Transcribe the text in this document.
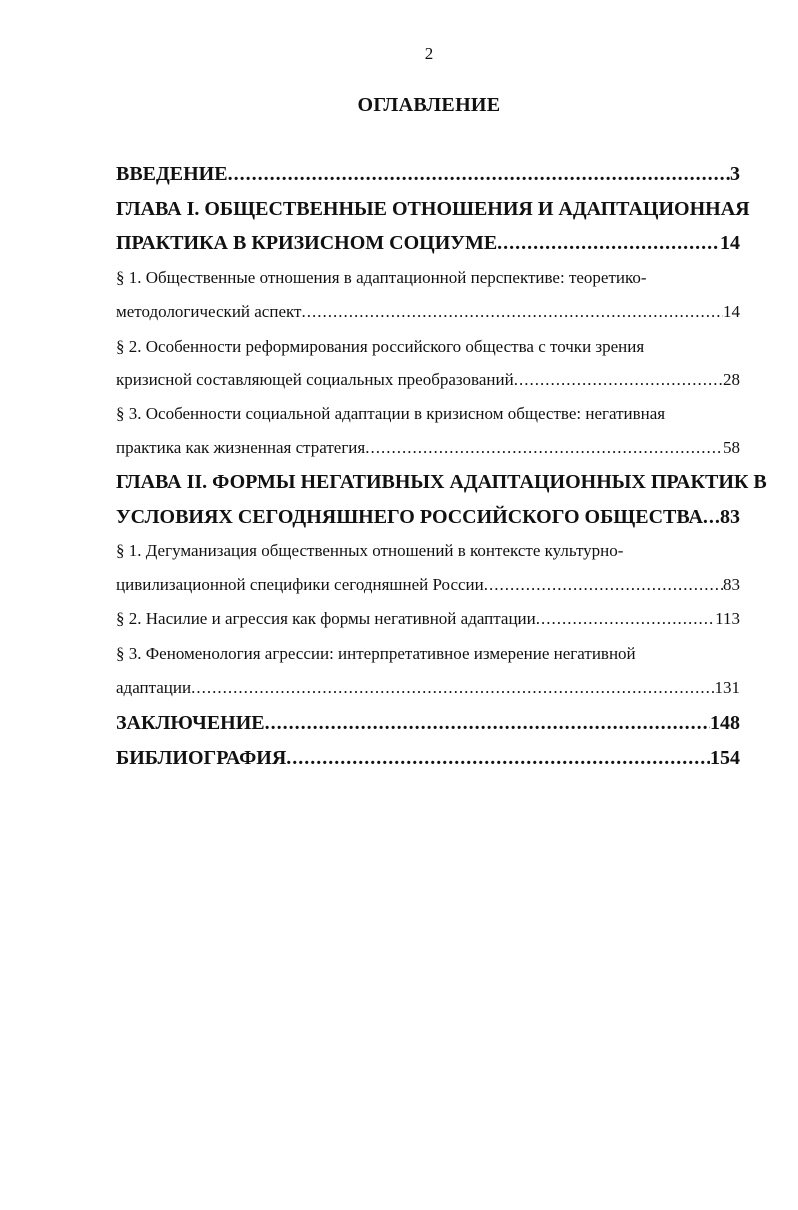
2
ОГЛАВЛЕНИЕ
ВВЕДЕНИЕ .....	3
ГЛАВА I. ОБЩЕСТВЕННЫЕ ОТНОШЕНИЯ И АДАПТАЦИОННАЯ
ПРАКТИКА В КРИЗИСНОМ СОЦИУМЕ .....	14
§ 1. Общественные отношения в адаптационной перспективе: теоретико-
методологический аспект .....	14
§ 2. Особенности реформирования российского общества с точки зрения
кризисной составляющей социальных преобразований .....	28
§ 3. Особенности социальной адаптации в кризисном обществе: негативная
практика как жизненная стратегия .....	58
ГЛАВА II. ФОРМЫ НЕГАТИВНЫХ АДАПТАЦИОННЫХ ПРАКТИК В
УСЛОВИЯХ СЕГОДНЯШНЕГО РОССИЙСКОГО ОБЩЕСТВА ..... 83
§ 1. Дегуманизация общественных отношений в контексте культурно-
цивилизационной специфики сегодняшней России .....	83
§ 2. Насилие и агрессия как формы негативной адаптации .....	113
§ 3. Феноменология агрессии: интерпретативное измерение негативной
адаптации .....	131
ЗАКЛЮЧЕНИЕ .....	148
БИБЛИОГРАФИЯ .....	154
